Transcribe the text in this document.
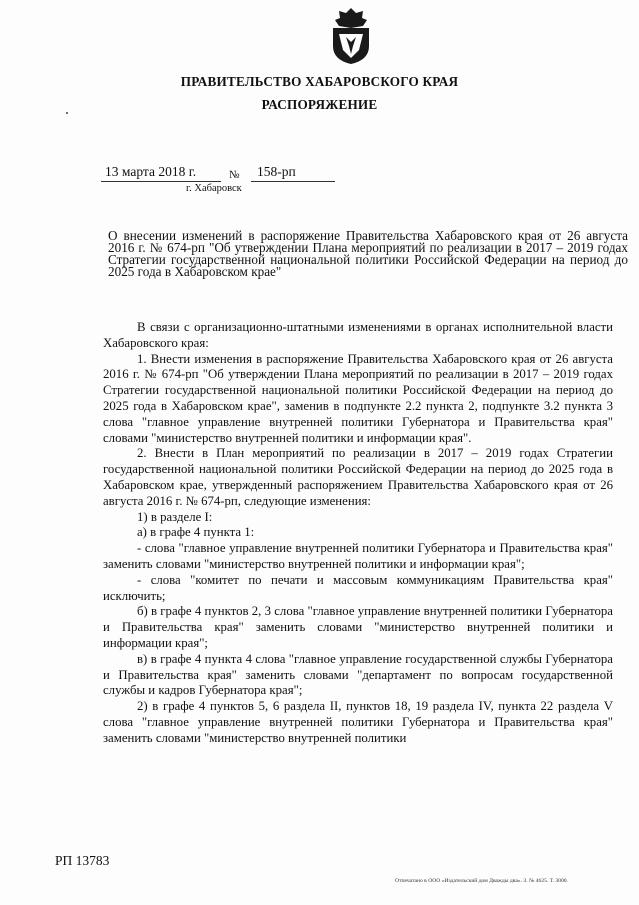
ПРАВИТЕЛЬСТВО ХАБАРОВСКОГО КРАЯ
РАСПОРЯЖЕНИЕ
13 марта 2018 г.	№ 158-рп
г. Хабаровск
О внесении изменений в распоряжение Правительства Хабаровского края от 26 августа 2016 г. № 674-рп "Об утверждении Плана мероприятий по реализации в 2017 – 2019 годах Стратегии государственной национальной политики Российской Федерации на период до 2025 года в Хабаровском крае"

В связи с организационно-штатными изменениями в органах исполнительной власти Хабаровского края:

1. Внести изменения в распоряжение Правительства Хабаровского края от 26 августа 2016 г. № 674-рп "Об утверждении Плана мероприятий по реализации в 2017 – 2019 годах Стратегии государственной национальной политики Российской Федерации на период до 2025 года в Хабаровском крае", заменив в подпункте 2.2 пункта 2, подпункте 3.2 пункта 3 слова "главное управление внутренней политики Губернатора и Правительства края" словами "министерство внутренней политики и информации края".

2. Внести в План мероприятий по реализации в 2017 – 2019 годах Стратегии государственной национальной политики Российской Федерации на период до 2025 года в Хабаровском крае, утвержденный распоряжением Правительства Хабаровского края от 26 августа 2016 г. № 674-рп, следующие изменения:

1) в разделе I:

а) в графе 4 пункта 1:

- слова "главное управление внутренней политики Губернатора и Правительства края" заменить словами "министерство внутренней политики и информации края";

- слова "комитет по печати и массовым коммуникациям Правительства края" исключить;

б) в графе 4 пунктов 2, 3 слова "главное управление внутренней политики Губернатора и Правительства края" заменить словами "министерство внутренней политики и информации края";

в) в графе 4 пункта 4 слова "главное управление государственной службы Губернатора и Правительства края" заменить словами "департамент по вопросам государственной службы и кадров Губернатора края";

2) в графе 4 пунктов 5, 6 раздела II, пунктов 18, 19 раздела IV, пункта 22 раздела V слова "главное управление внутренней политики Губернатора и Правительства края" заменить словами "министерство внутренней политики

РП 13783
Отпечатано в ООО «Издательский дом Дважды два». З. № 4625. Т. 3000.
